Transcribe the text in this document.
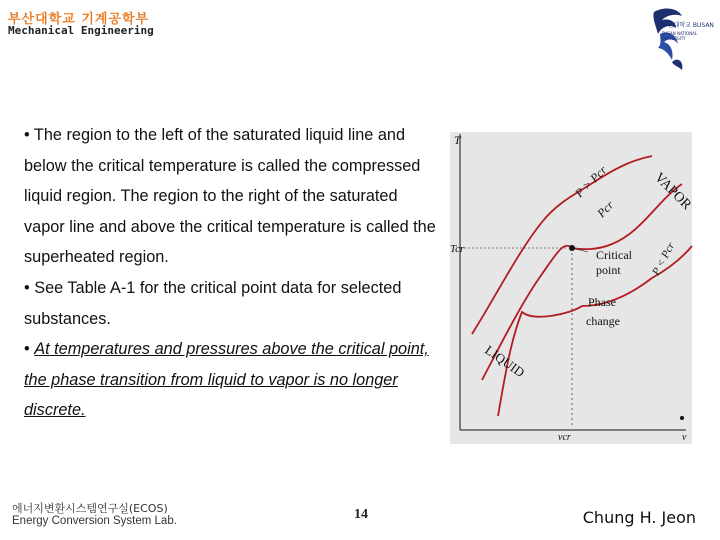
부산대학교 기계공학부
Mechanical Engineering	부산대학교 BUSAN
PUSAN NATIONAL UNIVERSITY

• The region to the left of the saturated liquid line and below the critical temperature is called the compressed liquid region. The region to the right of the saturated vapor line and above the critical temperature is called the superheated region.

• See Table A-1 for the critical point data for selected substances.

• At temperatures and pressures above the critical point, the phase transition from liquid to vapor is no longer discrete.

T
v
Tcr
vcr
Critical
point
Phase
change
P > Pcr
Pcr
P < Pcr
VAPOR
LIQUID
에너지변환시스템연구실(ECOS)
Energy Conversion System Lab.	14	Chung H. Jeon
